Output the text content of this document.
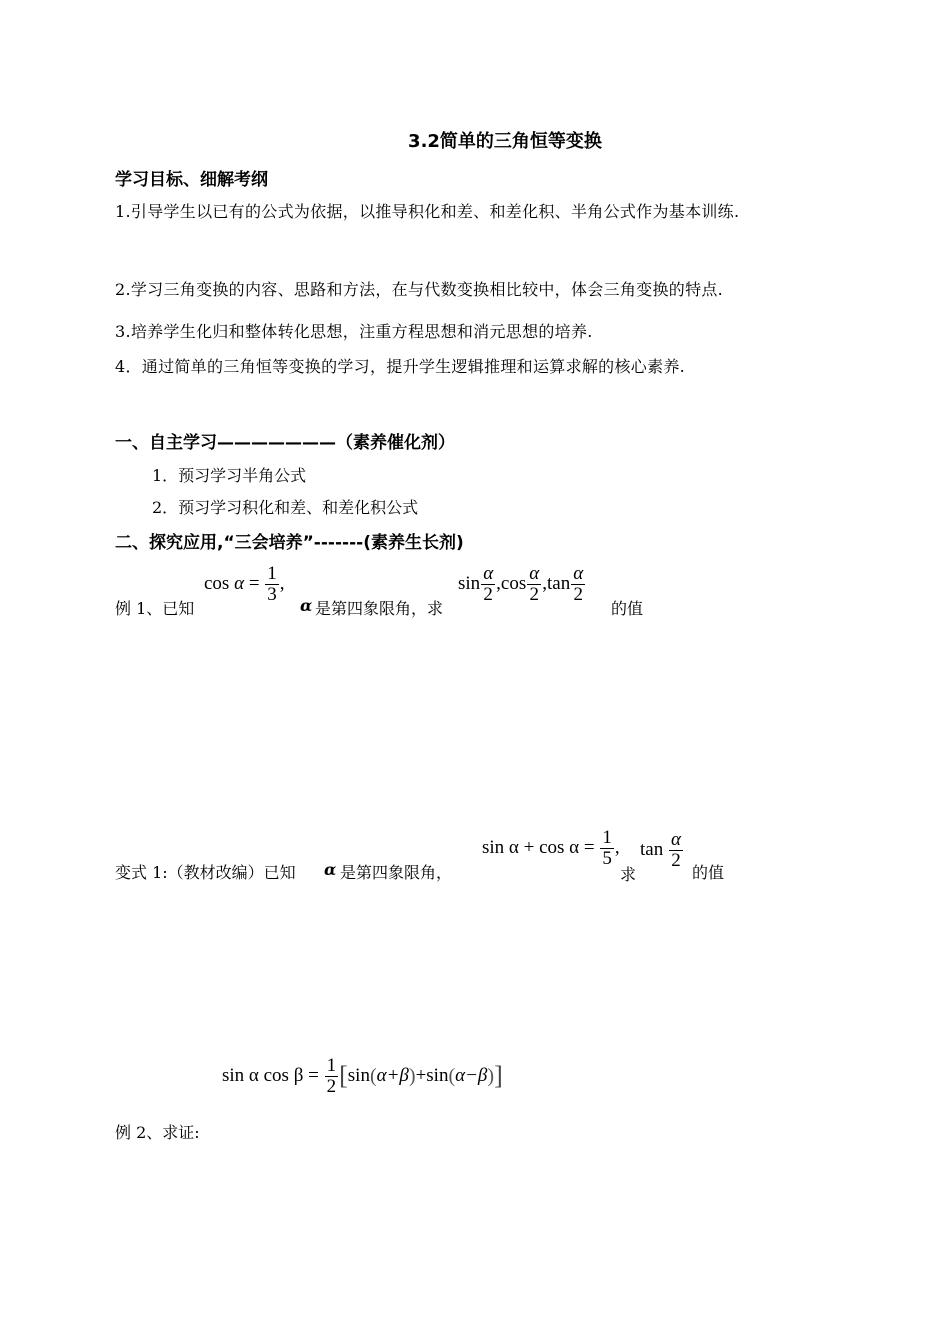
3.2简单的三角恒等变换
学习目标、细解考纲
1.引导学生以已有的公式为依据，以推导积化和差、和差化积、半角公式作为基本训练.
2.学习三角变换的内容、思路和方法，在与代数变换相比较中，体会三角变换的特点.
3.培养学生化归和整体转化思想，注重方程思想和消元思想的培养.
4．通过简单的三角恒等变换的学习，提升学生逻辑推理和运算求解的核心素养.
一、自主学习———————（素养催化剂）
1．预习学习半角公式
2．预习学习积化和差、和差化积公式
二、探究应用,“三会培养”-------(素养生长剂)
例 1、已知
cos
$\alpha = \frac{1}{3}$ ,
α 是第四象限角，求
$\sin \frac{\alpha}{2}$ , $\cos \frac{\alpha}{2}$ , $\tan \frac{\alpha}{2}$
的值
变式 1:（教材改编）已知 α 是第四象限角，
sin α + cos α =
$\frac{1}{5}$ ,
求
tan
$\frac{\alpha}{2}$
的值
sin α cos β =
$\frac{1}{2}$ [ sin ( α+β ) + sin ( α−β ) ]
例 2、求证:
